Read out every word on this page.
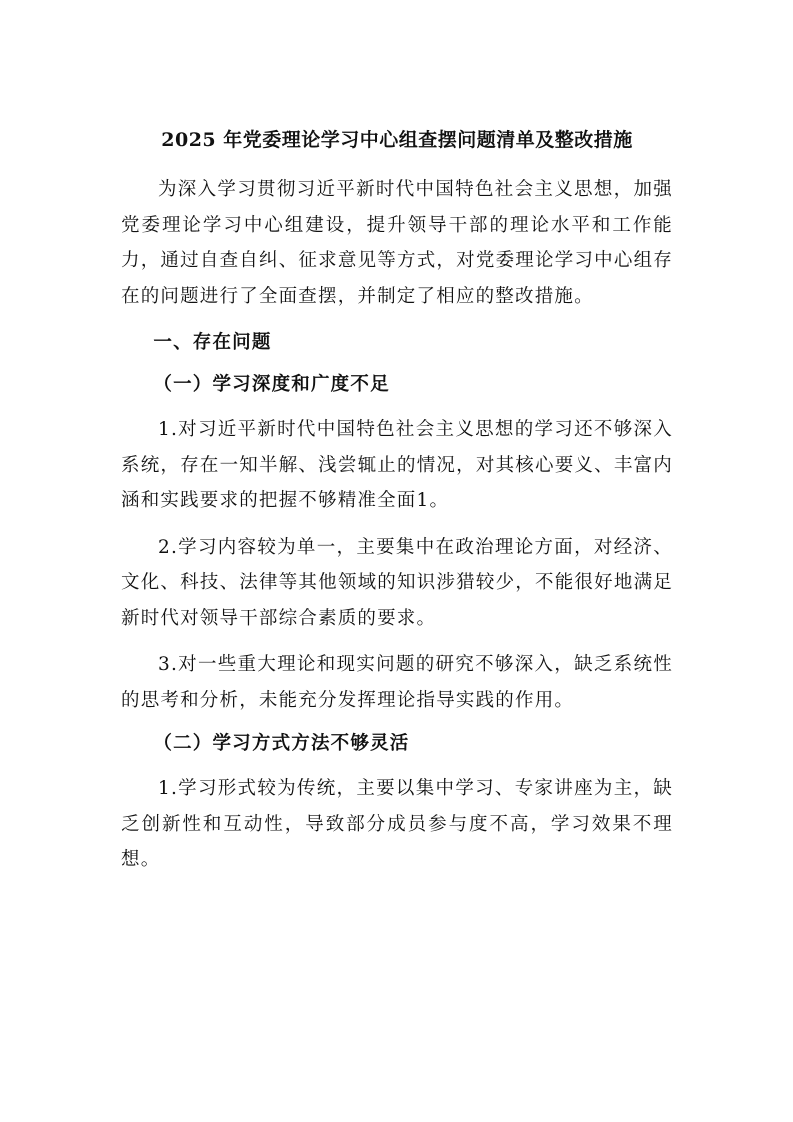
2025 年党委理论学习中心组查摆问题清单及整改措施

为深入学习贯彻习近平新时代中国特色社会主义思想，加强党委理论学习中心组建设，提升领导干部的理论水平和工作能力，通过自查自纠、征求意见等方式，对党委理论学习中心组存在的问题进行了全面查摆，并制定了相应的整改措施。

一、存在问题
（一）学习深度和广度不足

1.对习近平新时代中国特色社会主义思想的学习还不够深入系统，存在一知半解、浅尝辄止的情况，对其核心要义、丰富内涵和实践要求的把握不够精准全面1。

2.学习内容较为单一，主要集中在政治理论方面，对经济、文化、科技、法律等其他领域的知识涉猎较少，不能很好地满足新时代对领导干部综合素质的要求。

3.对一些重大理论和现实问题的研究不够深入，缺乏系统性的思考和分析，未能充分发挥理论指导实践的作用。

（二）学习方式方法不够灵活

1.学习形式较为传统，主要以集中学习、专家讲座为主，缺乏创新性和互动性，导致部分成员参与度不高，学习效果不理想。
